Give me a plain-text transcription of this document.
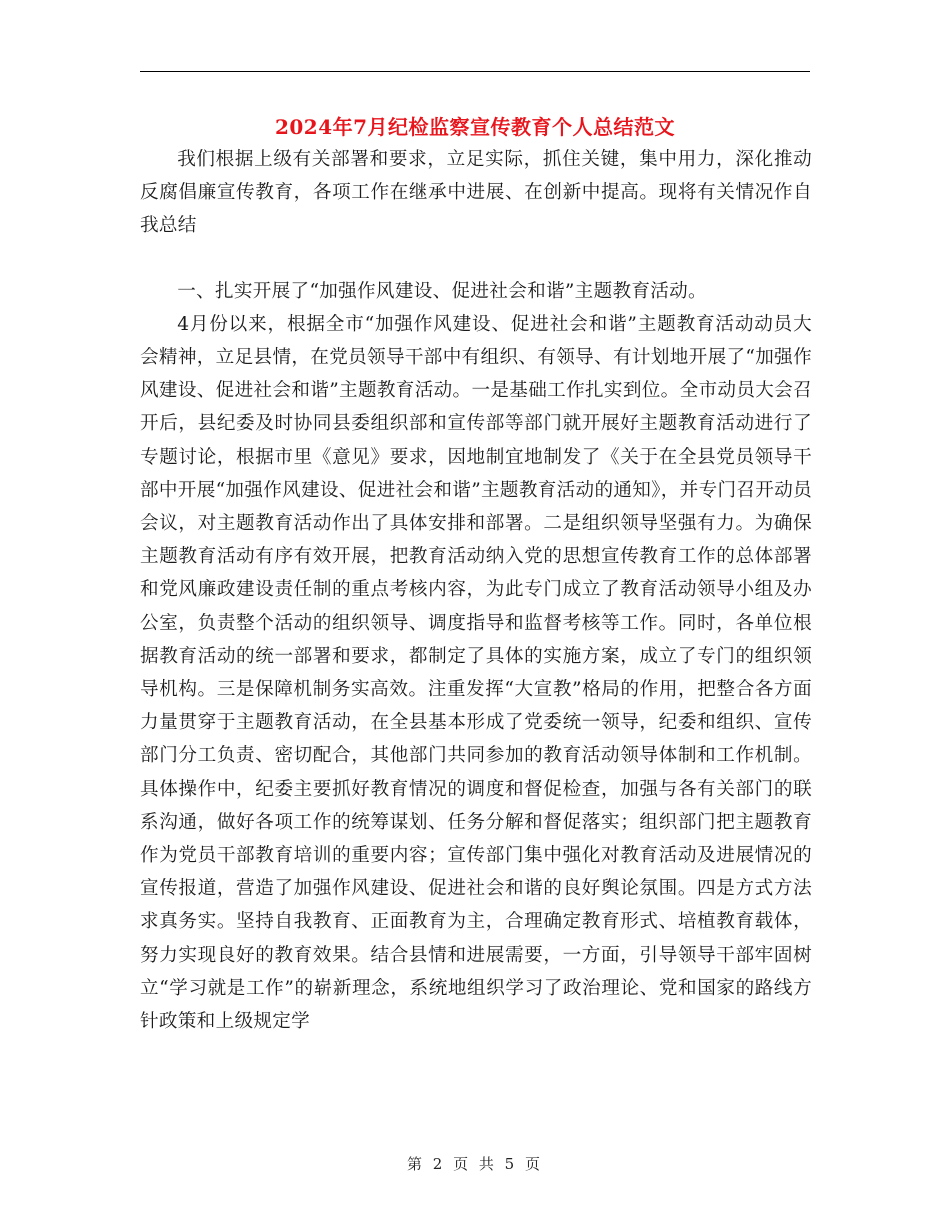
2024年7月纪检监察宣传教育个人总结范文

我们根据上级有关部署和要求，立足实际，抓住关键，集中用力，深化推动反腐倡廉宣传教育，各项工作在继承中进展、在创新中提高。现将有关情况作自我总结

一、扎实开展了“加强作风建设、促进社会和谐”主题教育活动。

4月份以来，根据全市“加强作风建设、促进社会和谐”主题教育活动动员大会精神，立足县情，在党员领导干部中有组织、有领导、有计划地开展了“加强作风建设、促进社会和谐”主题教育活动。一是基础工作扎实到位。全市动员大会召开后，县纪委及时协同县委组织部和宣传部等部门就开展好主题教育活动进行了专题讨论，根据市里《意见》要求，因地制宜地制发了《关于在全县党员领导干部中开展“加强作风建设、促进社会和谐”主题教育活动的通知》，并专门召开动员会议，对主题教育活动作出了具体安排和部署。二是组织领导坚强有力。为确保主题教育活动有序有效开展，把教育活动纳入党的思想宣传教育工作的总体部署和党风廉政建设责任制的重点考核内容，为此专门成立了教育活动领导小组及办公室，负责整个活动的组织领导、调度指导和监督考核等工作。同时，各单位根据教育活动的统一部署和要求，都制定了具体的实施方案，成立了专门的组织领导机构。三是保障机制务实高效。注重发挥“大宣教”格局的作用，把整合各方面力量贯穿于主题教育活动，在全县基本形成了党委统一领导，纪委和组织、宣传部门分工负责、密切配合，其他部门共同参加的教育活动领导体制和工作机制。具体操作中，纪委主要抓好教育情况的调度和督促检查，加强与各有关部门的联系沟通，做好各项工作的统筹谋划、任务分解和督促落实；组织部门把主题教育作为党员干部教育培训的重要内容；宣传部门集中强化对教育活动及进展情况的宣传报道，营造了加强作风建设、促进社会和谐的良好舆论氛围。四是方式方法求真务实。坚持自我教育、正面教育为主，合理确定教育形式、培植教育载体，努力实现良好的教育效果。结合县情和进展需要，一方面，引导领导干部牢固树立“学习就是工作”的崭新理念，系统地组织学习了政治理论、党和国家的路线方针政策和上级规定学

第 2 页 共 5 页
